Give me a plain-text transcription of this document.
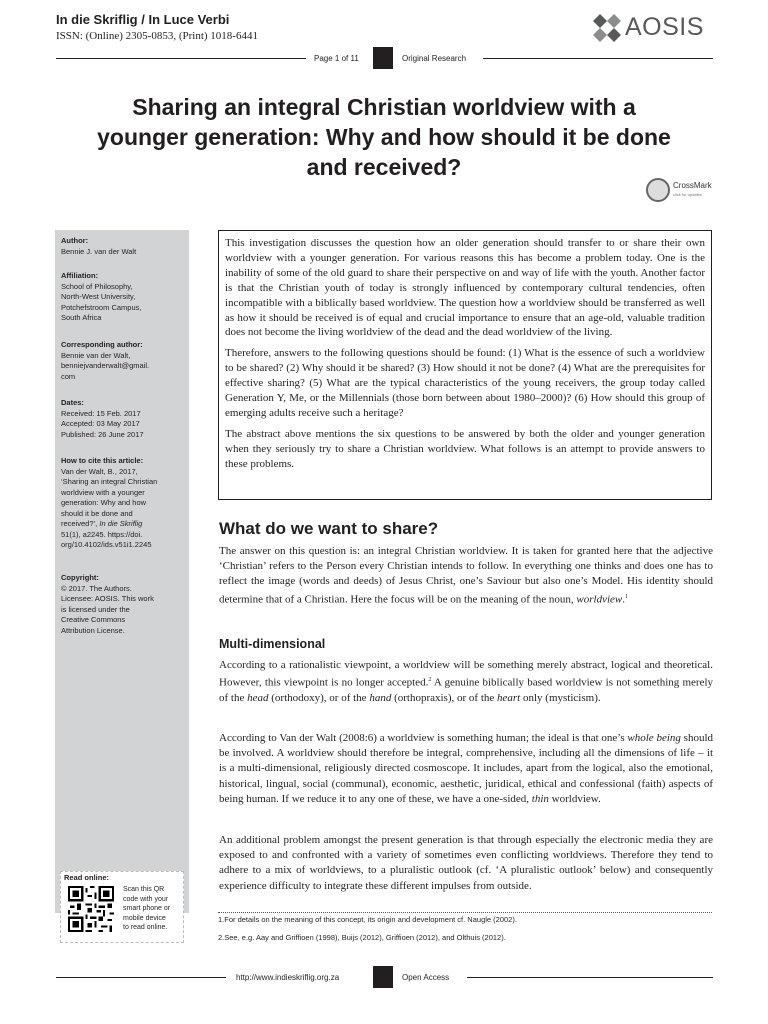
In die Skriflig / In Luce Verbi
ISSN: (Online) 2305-0853, (Print) 1018-6441	AOSIS
Page 1 of 11	Original Research
Sharing an integral Christian worldview with a younger generation: Why and how should it be done and received?
CrossMark
click for updates
Author:
Bennie J. van der Walt
Affiliation:
School of Philosophy,
North-West University,
Potchefstroom Campus,
South Africa
Corresponding author:
Bennie van der Walt,
benniejvanderwalt@gmail.
com
Dates:
Received: 15 Feb. 2017
Accepted: 03 May 2017
Published: 26 June 2017
How to cite this article:
Van der Walt, B., 2017,
‘Sharing an integral Christian
worldview with a younger
generation: Why and how
should it be done and
received?’, In die Skriflig
51(1), a2245. https://doi.
org/10.4102/ids.v51i1.2245
Copyright:
© 2017. The Authors.
Licensee: AOSIS. This work
is licensed under the
Creative Commons
Attribution License.
Read online:
Scan this QR
code with your
smart phone or
mobile device
to read online.

This investigation discusses the question how an older generation should transfer to or share their own worldview with a younger generation. For various reasons this has become a problem today. One is the inability of some of the old guard to share their perspective on and way of life with the youth. Another factor is that the Christian youth of today is strongly influenced by contemporary cultural tendencies, often incompatible with a biblically based worldview. The question how a worldview should be transferred as well as how it should be received is of equal and crucial importance to ensure that an age-old, valuable tradition does not become the living worldview of the dead and the dead worldview of the living.

Therefore, answers to the following questions should be found: (1) What is the essence of such a worldview to be shared? (2) Why should it be shared? (3) How should it not be done? (4) What are the prerequisites for effective sharing? (5) What are the typical characteristics of the young receivers, the group today called Generation Y, Me, or the Millennials (those born between about 1980–2000)? (6) How should this group of emerging adults receive such a heritage?

The abstract above mentions the six questions to be answered by both the older and younger generation when they seriously try to share a Christian worldview. What follows is an attempt to provide answers to these problems.

What do we want to share?
The answer on this question is: an integral Christian worldview. It is taken for granted here that the adjective ‘Christian’ refers to the Person every Christian intends to follow. In everything one thinks and does one has to reflect the image (words and deeds) of Jesus Christ, one’s Saviour but also one’s Model. His identity should determine that of a Christian. Here the focus will be on the meaning of the noun, worldview.$^1$
Multi-dimensional
According to a rationalistic viewpoint, a worldview will be something merely abstract, logical and theoretical. However, this viewpoint is no longer accepted.$^2$ A genuine biblically based worldview is not something merely of the head (orthodoxy), or of the hand (orthopraxis), or of the heart only (mysticism).
According to Van der Walt (2008:6) a worldview is something human; the ideal is that one’s whole being should be involved. A worldview should therefore be integral, comprehensive, including all the dimensions of life – it is a multi-dimensional, religiously directed cosmoscope. It includes, apart from the logical, also the emotional, historical, lingual, social (communal), economic, aesthetic, juridical, ethical and confessional (faith) aspects of being human. If we reduce it to any one of these, we have a one-sided, thin worldview.
An additional problem amongst the present generation is that through especially the electronic media they are exposed to and confronted with a variety of sometimes even conflicting worldviews. Therefore they tend to adhere to a mix of worldviews, to a pluralistic outlook (cf. ‘A pluralistic outlook’ below) and consequently experience difficulty to integrate these different impulses from outside.
1.For details on the meaning of this concept, its origin and development cf. Naugle (2002).
2.See, e.g. Aay and Griffioen (1998), Buijs (2012), Griffioen (2012), and Olthuis (2012).
http://www.indieskriflig.org.za	Open Access
